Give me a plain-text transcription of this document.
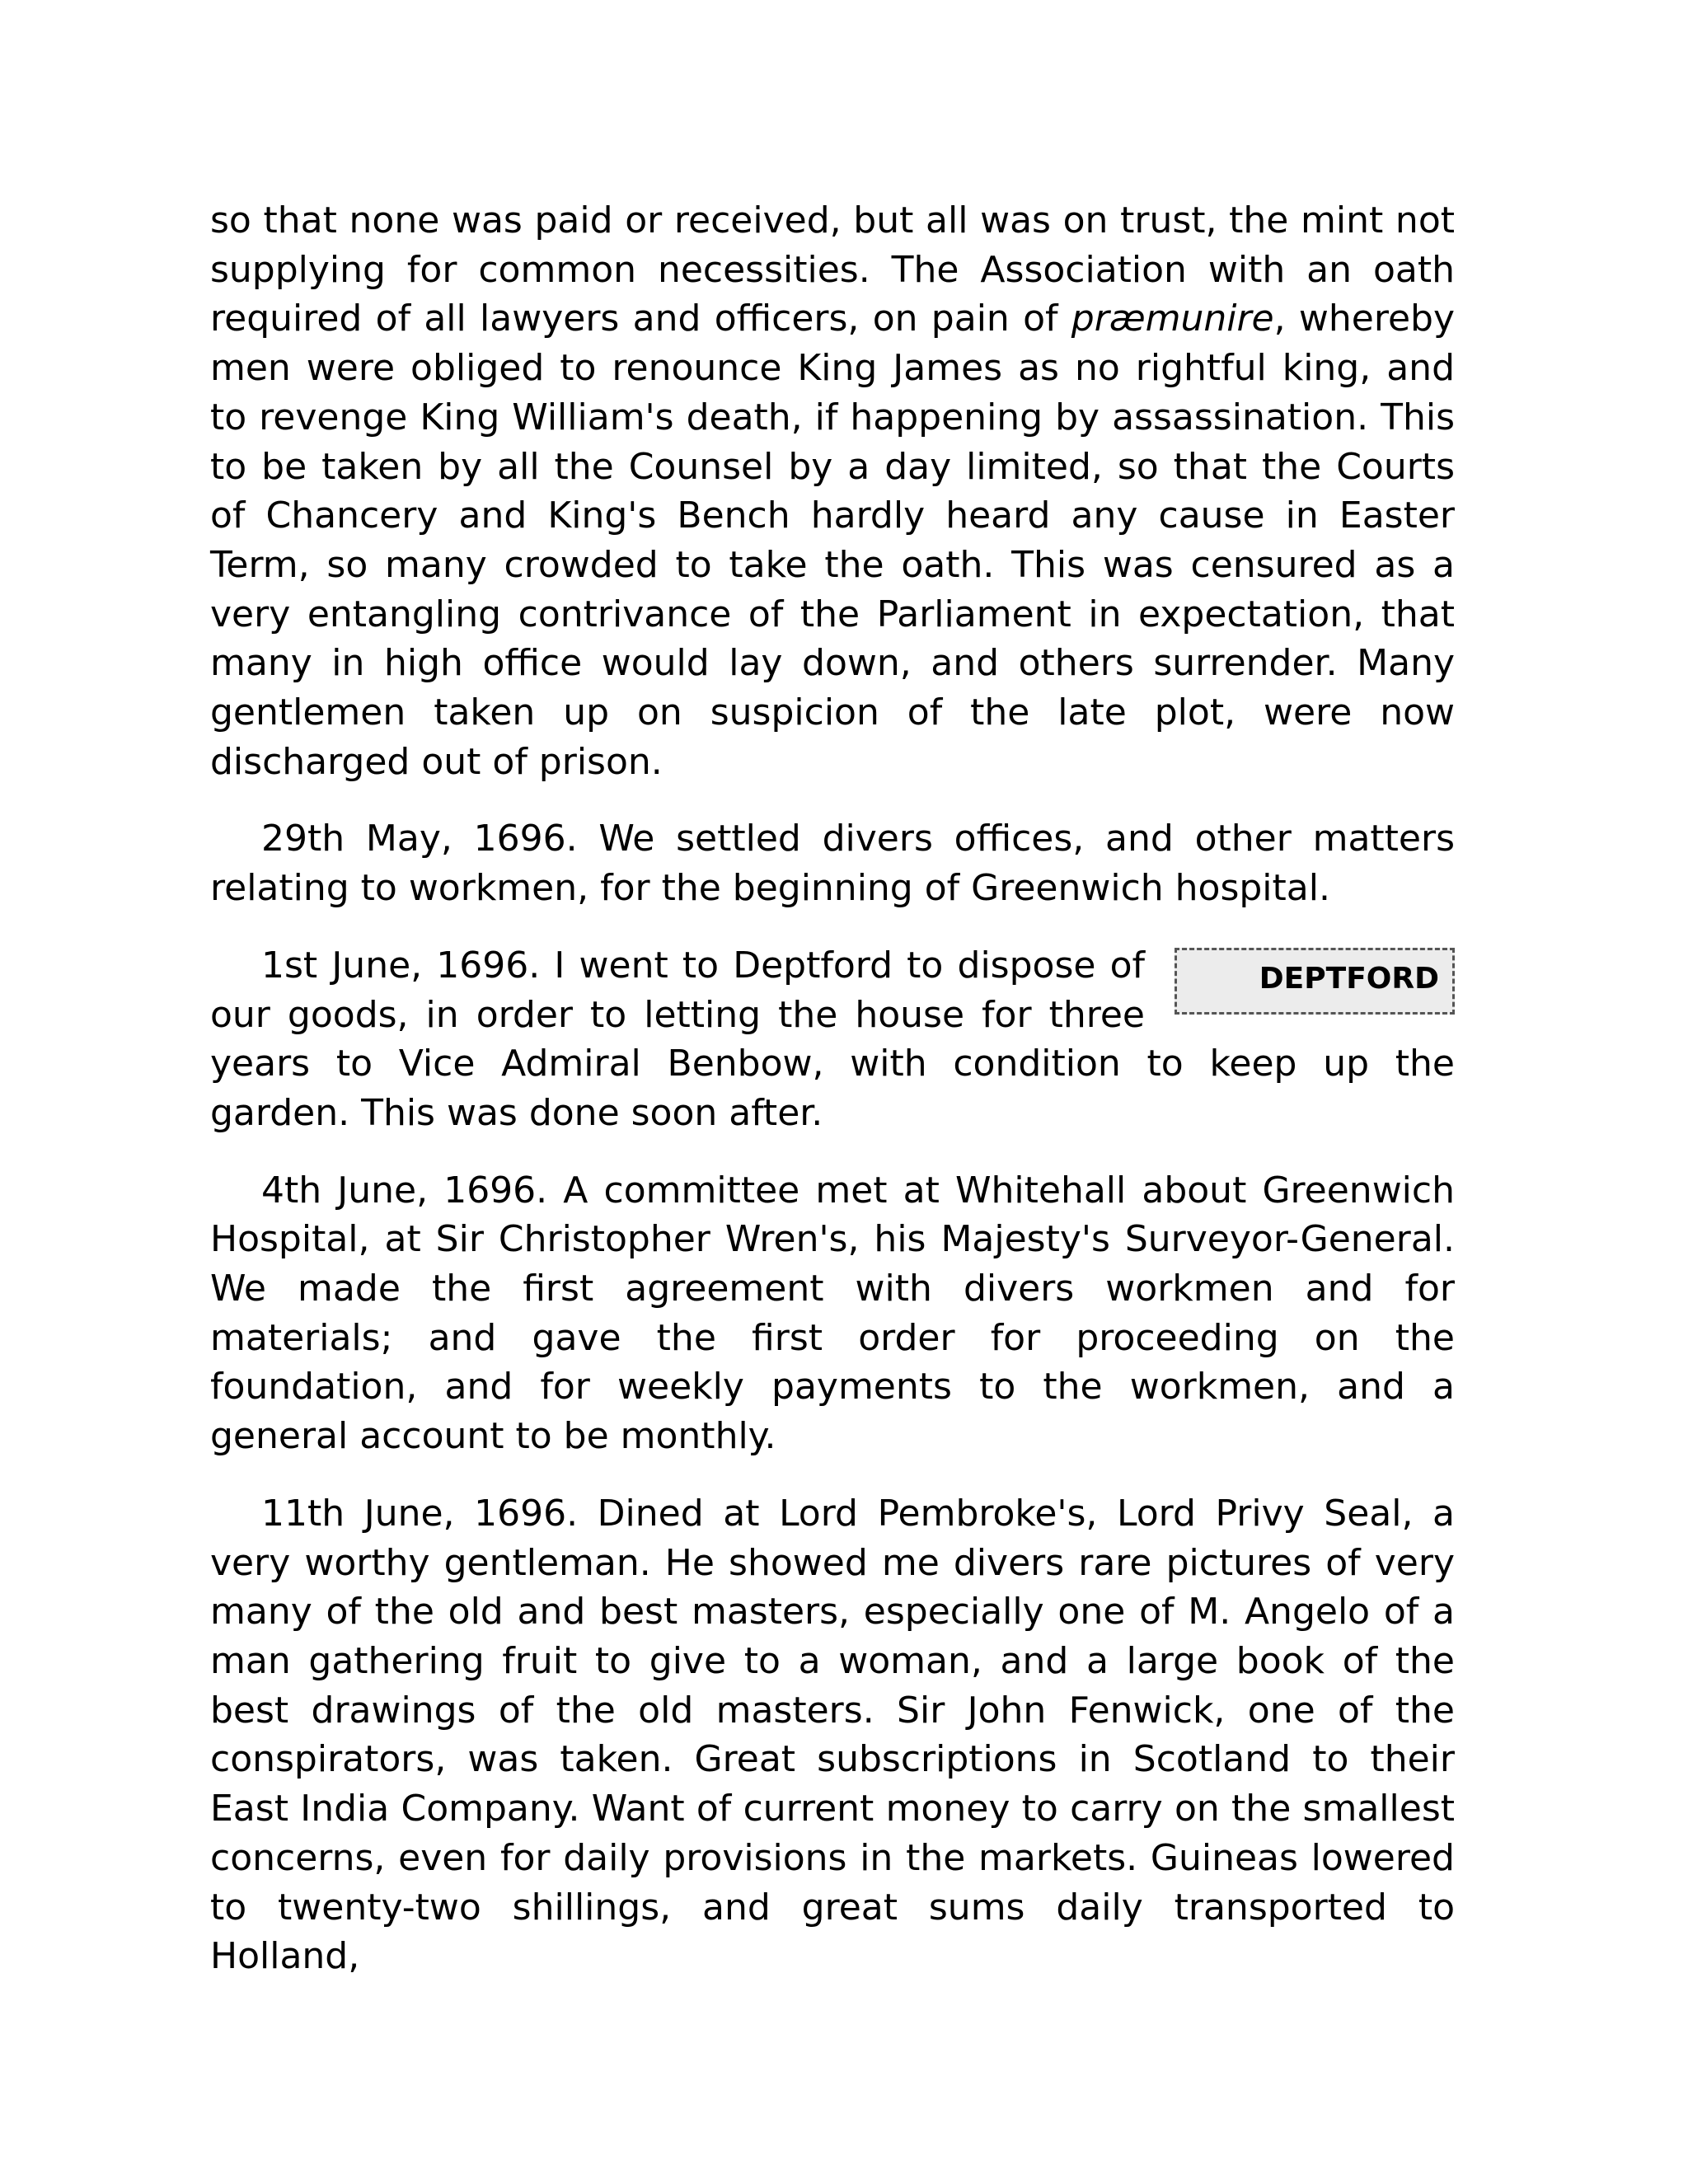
so that none was paid or received, but all was on trust, the mint not supplying for common necessities. The Association with an oath required of all lawyers and officers, on pain of præmunire, whereby men were obliged to renounce King James as no rightful king, and to revenge King William's death, if happening by assassination. This to be taken by all the Counsel by a day limited, so that the Courts of Chancery and King's Bench hardly heard any cause in Easter Term, so many crowded to take the oath. This was censured as a very entangling contrivance of the Parliament in expectation, that many in high office would lay down, and others surrender. Many gentlemen taken up on suspicion of the late plot, were now discharged out of prison.

29th May, 1696. We settled divers offices, and other matters relating to workmen, for the beginning of Greenwich hospital.

DEPTFORD
1st June, 1696. I went to Deptford to dispose of our goods, in order to letting the house for three years to Vice Admiral Benbow, with condition to keep up the garden. This was done soon after.

4th June, 1696. A committee met at Whitehall about Greenwich Hospital, at Sir Christopher Wren's, his Majesty's Surveyor-General. We made the first agreement with divers workmen and for materials; and gave the first order for proceeding on the foundation, and for weekly payments to the workmen, and a general account to be monthly.

11th June, 1696. Dined at Lord Pembroke's, Lord Privy Seal, a very worthy gentleman. He showed me divers rare pictures of very many of the old and best masters, especially one of M. Angelo of a man gathering fruit to give to a woman, and a large book of the best drawings of the old masters. Sir John Fenwick, one of the conspirators, was taken. Great subscriptions in Scotland to their East India Company. Want of current money to carry on the smallest concerns, even for daily provisions in the markets. Guineas lowered to twenty-two shillings, and great sums daily transported to Holland,
